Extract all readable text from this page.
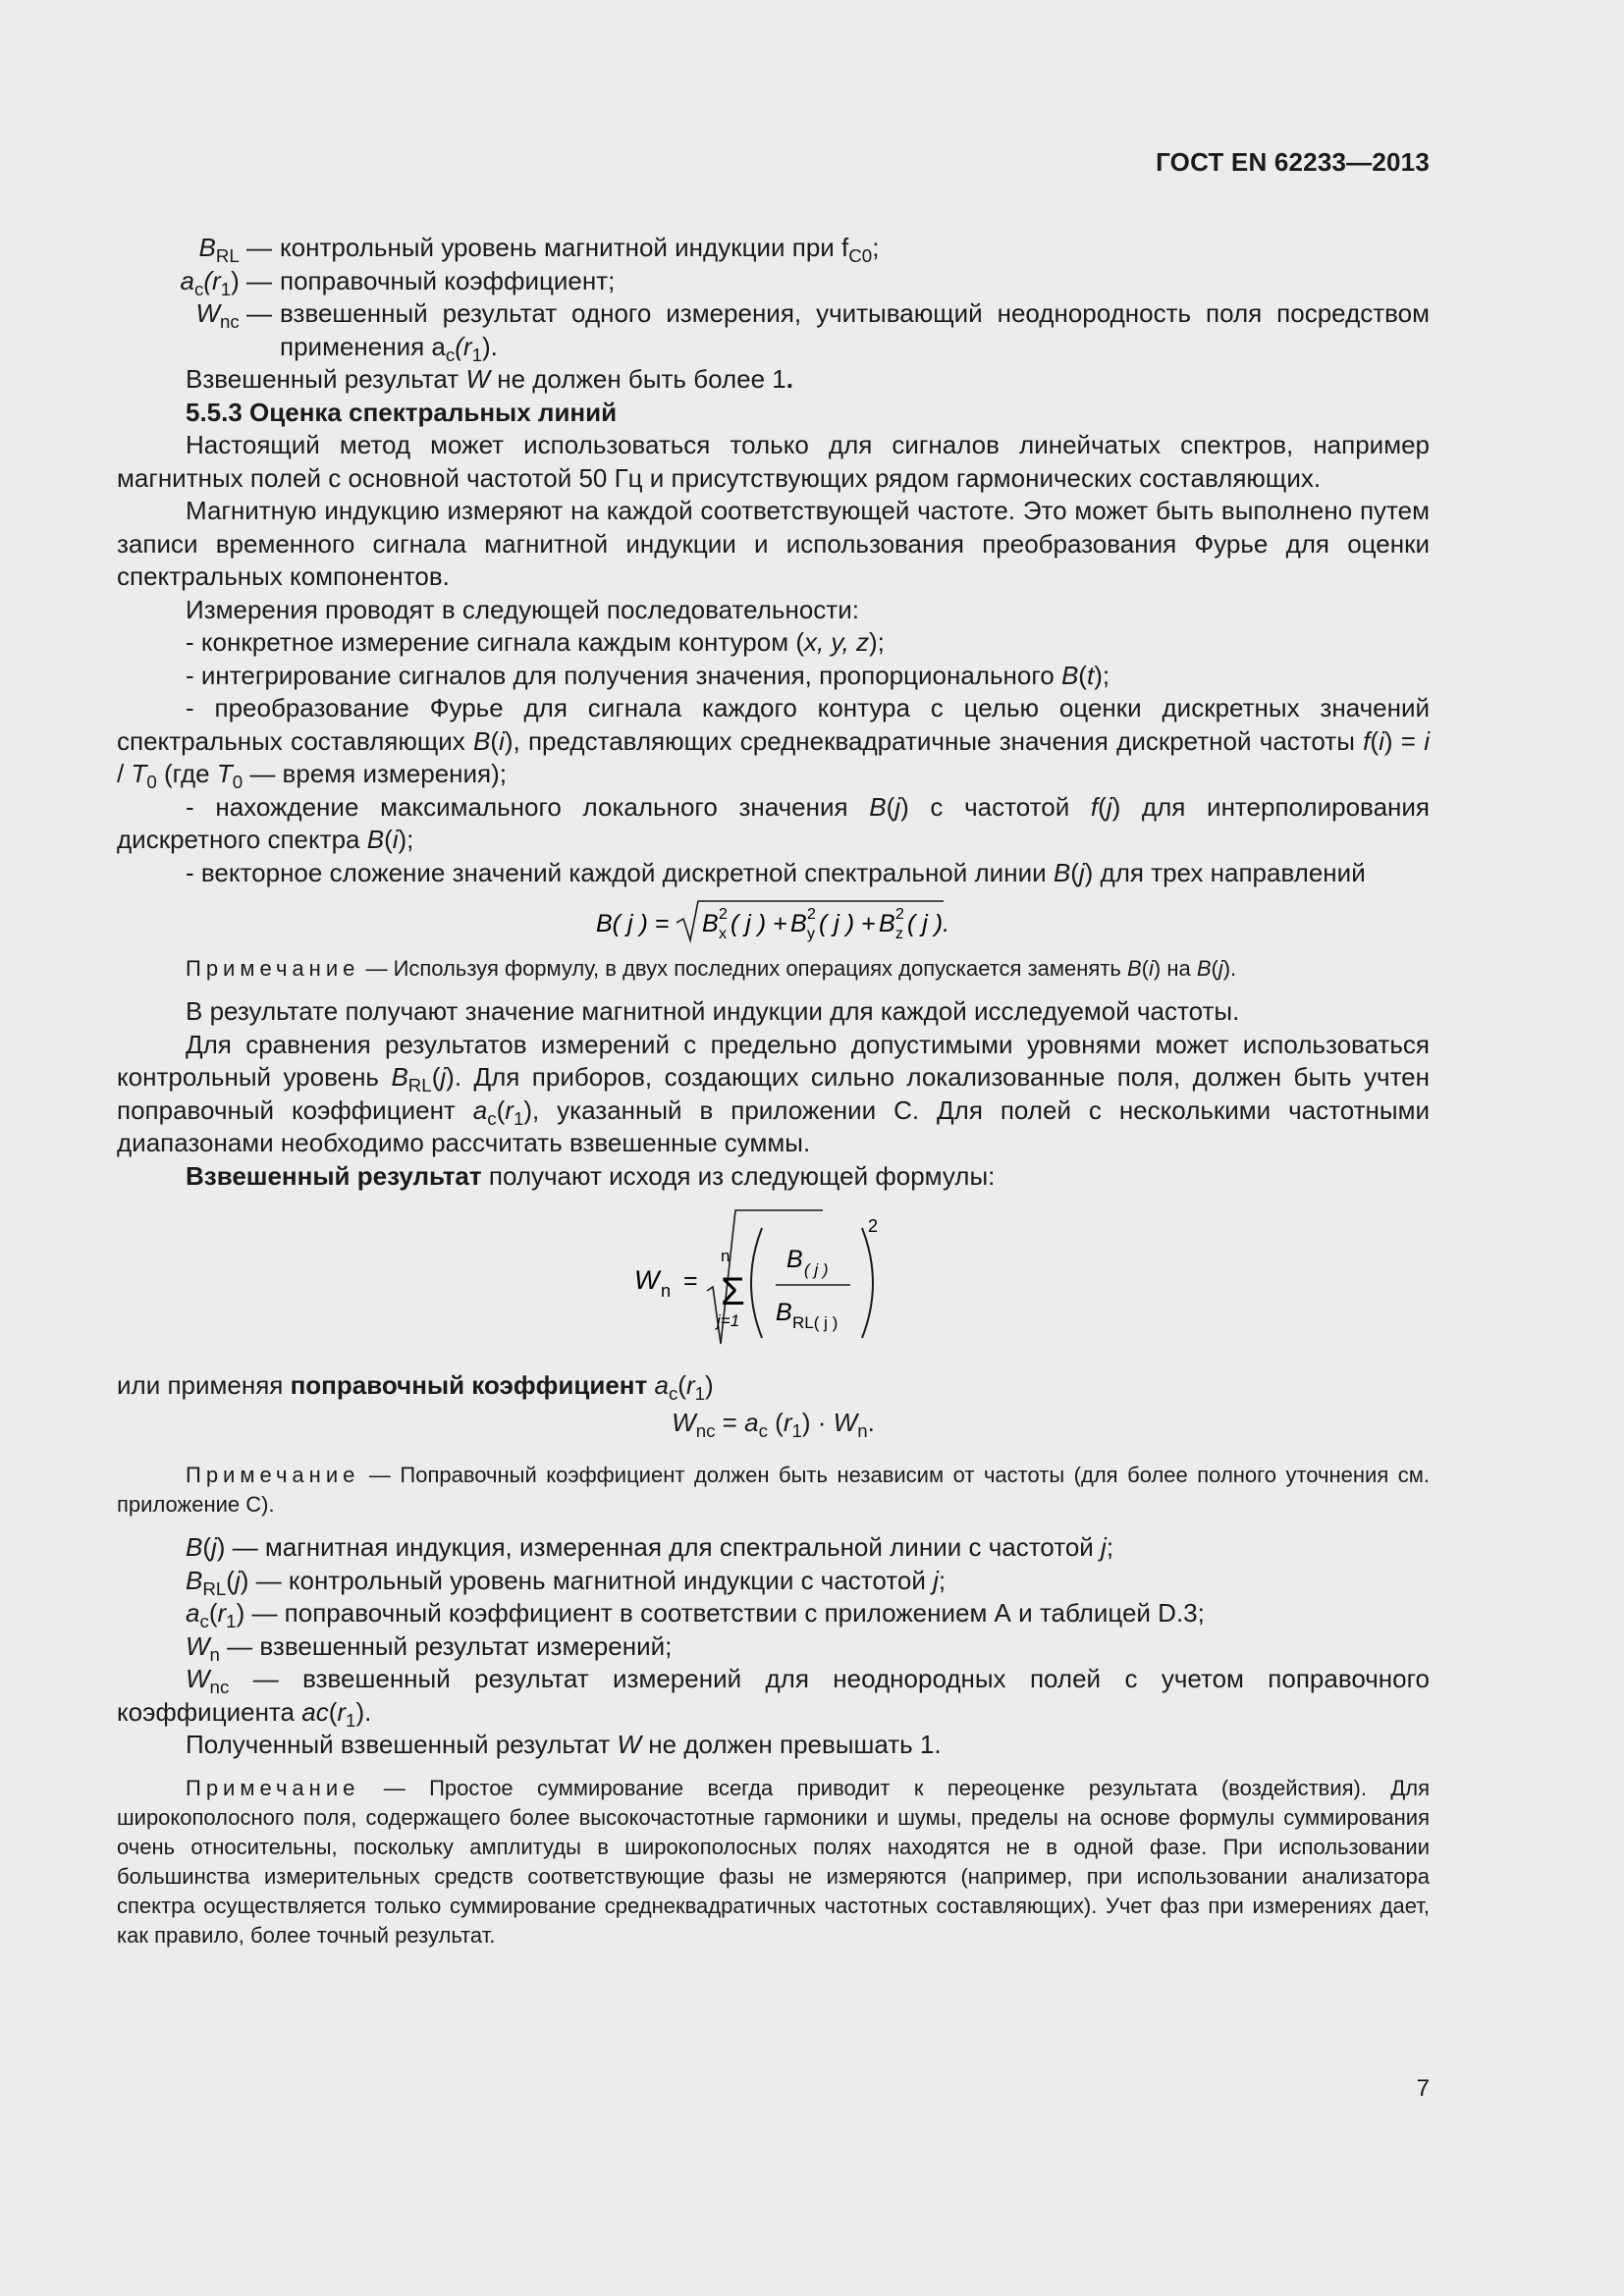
ГОСТ EN 62233—2013
$B_{RL}$ — контрольный уровень магнитной индукции при $f_{C0}$;
$a_c(r_1)$ — поправочный коэффициент;
$W_{nc}$ — взвешенный результат одного измерения, учитывающий неоднородность поля посредством применения $a_c(r_1)$.
Взвешенный результат W не должен быть более 1.
5.5.3 Оценка спектральных линий
Настоящий метод может использоваться только для сигналов линейчатых спектров, например магнитных полей с основной частотой 50 Гц и присутствующих рядом гармонических составляющих.
Магнитную индукцию измеряют на каждой соответствующей частоте. Это может быть выполнено путем записи временного сигнала магнитной индукции и использования преобразования Фурье для оценки спектральных компонентов.
Измерения проводят в следующей последовательности:
- конкретное измерение сигнала каждым контуром (x, y, z);
- интегрирование сигналов для получения значения, пропорционального B(t);
- преобразование Фурье для сигнала каждого контура с целью оценки дискретных значений спектральных составляющих B(i), представляющих среднеквадратичные значения дискретной частоты $f(i) = i / T_0$ (где $T_0$ — время измерения);
- нахождение максимального локального значения B(j) с частотой f(j) для интерполирования дискретного спектра B(i);
- векторное сложение значений каждой дискретной спектральной линии B(j) для трех направлений
B( j ) = B x
2 ( j ) + B y
2 ( j ) + B z
2 ( j ).
Примечание — Используя формулу, в двух последних операциях допускается заменять B(i) на B(j).
В результате получают значение магнитной индукции для каждой исследуемой частоты.
Для сравнения результатов измерений с предельно допустимыми уровнями может использоваться контрольный уровень $B_{RL}(j)$. Для приборов, создающих сильно локализованные поля, должен быть учтен поправочный коэффициент $a_c(r_1)$, указанный в приложении С. Для полей с несколькими частотными диапазонами необходимо рассчитать взвешенные суммы.
Взвешенный результат получают исходя из следующей формулы:
W n =
n
Σ
j=1
B ( j )
B RL( j )
2
или применяя поправочный коэффициент $a_c(r_1)$
$W_{nc} = a_c$ $(r_1) \cdot W_n$.
Примечание — Поправочный коэффициент должен быть независим от частоты (для более полного уточнения см. приложение С).
B(j) — магнитная индукция, измеренная для спектральной линии с частотой j;
$B_{RL}(j)$ — контрольный уровень магнитной индукции с частотой j;
$a_c(r_1)$ — поправочный коэффициент в соответствии с приложением А и таблицей D.3;
$W_n$ — взвешенный результат измерений;
$W_{nc}$ — взвешенный результат измерений для неоднородных полей с учетом поправочного коэффициента $ac(r_1)$.
Полученный взвешенный результат W не должен превышать 1.
Примечание — Простое суммирование всегда приводит к переоценке результата (воздействия). Для широкополосного поля, содержащего более высокочастотные гармоники и шумы, пределы на основе формулы суммирования очень относительны, поскольку амплитуды в широкополосных полях находятся не в одной фазе. При использовании большинства измерительных средств соответствующие фазы не измеряются (например, при использовании анализатора спектра осуществляется только суммирование среднеквадратичных частотных составляющих). Учет фаз при измерениях дает, как правило, более точный результат.
7
